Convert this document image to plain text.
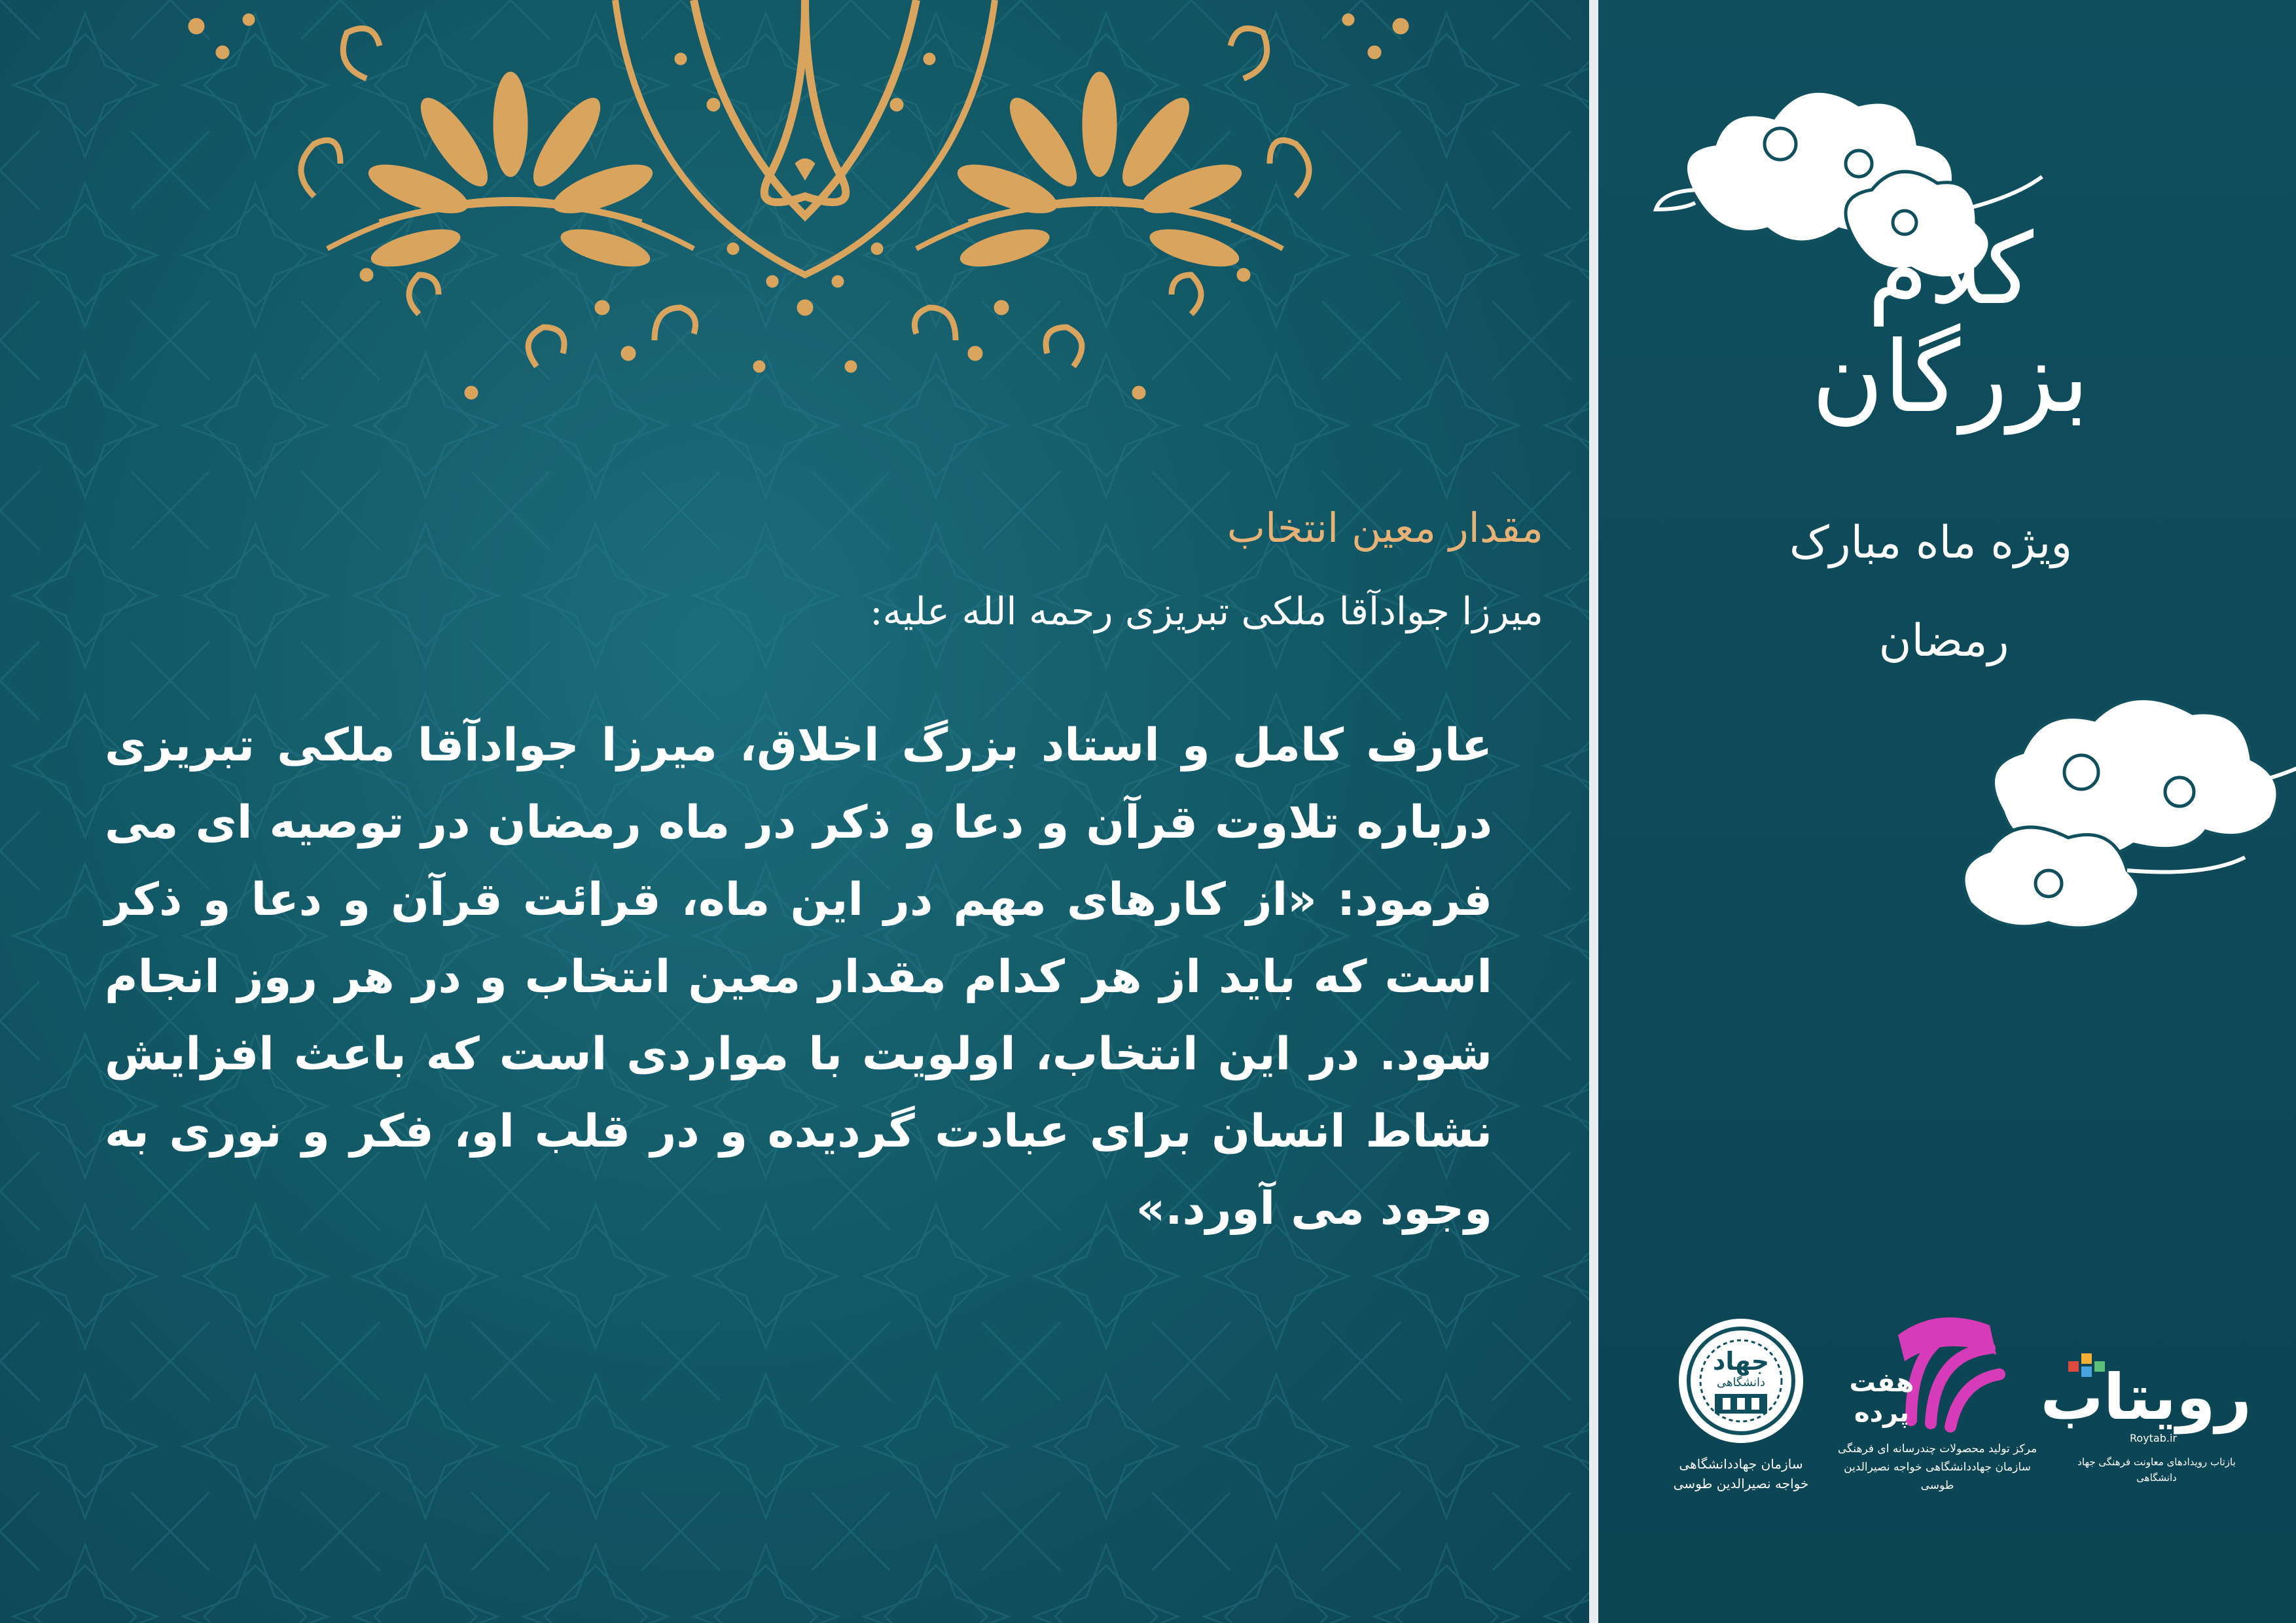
مقدار معین انتخاب
میرزا جوادآقا ملکی تبریزی رحمه الله علیه:
عارف کامل و استاد بزرگ اخلاق، میرزا جوادآقا ملکی تبریزی درباره تلاوت قرآن و دعا و ذکر در ماه رمضان در توصیه ای می فرمود: «از کارهای مهم در این ماه، قرائت قرآن و دعا و ذکر است که باید از هر کدام مقدار معین انتخاب و در هر روز انجام شود. در این انتخاب، اولویت با مواردی است که باعث افزایش نشاط انسان برای عبادت گردیده و در قلب او، فکر و نوری به وجود می آورد.»
کلام بزرگان
ویژه ماه مبارک
رمضان
جهاد
دانشگاهی
سازمان جهاددانشگاهی
خواجه نصیرالدین طوسی
هفت پرده
مرکز تولید محصولات چندرسانه ای فرهنگی
سازمان جهاددانشگاهی خواجه نصیرالدین طوسی
رویتاب
Roytab.ir
بازتاب رویدادهای معاونت فرهنگی جهاد دانشگاهی
